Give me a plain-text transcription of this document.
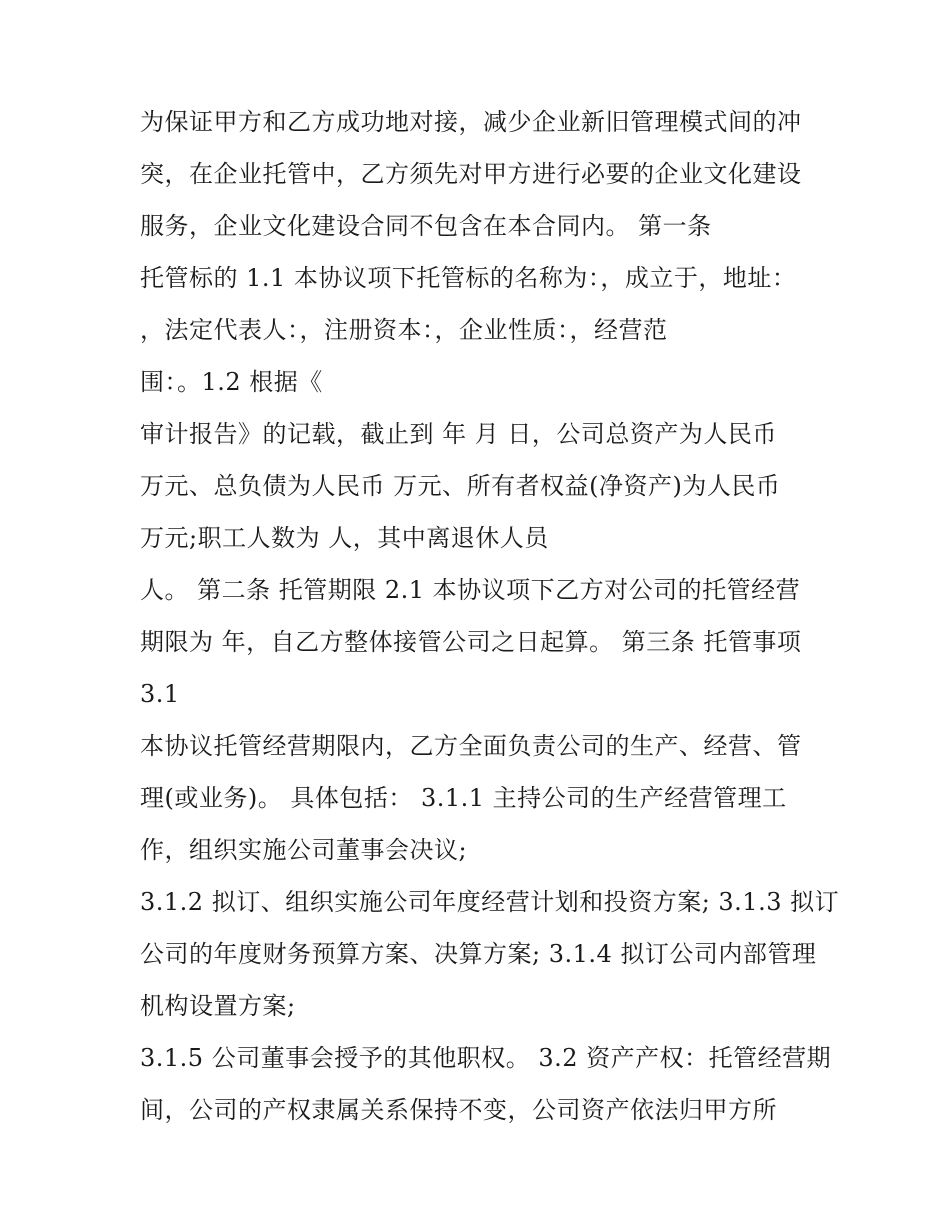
为保证甲方和乙方成功地对接，减少企业新旧管理模式间的冲
突，在企业托管中，乙方须先对甲方进行必要的企业文化建设
服务，企业文化建设合同不包含在本合同内。 第一条
托管标的 1.1 本协议项下托管标的名称为：，成立于，地址：
，法定代表人：，注册资本：，企业性质：，经营范
围：。1.2 根据《
审计报告》的记载，截止到 年 月 日，公司总资产为人民币
万元、总负债为人民币 万元、所有者权益(净资产)为人民币
万元;职工人数为 人，其中离退休人员
人。 第二条 托管期限 2.1 本协议项下乙方对公司的托管经营
期限为 年，自乙方整体接管公司之日起算。 第三条 托管事项
3.1
本协议托管经营期限内，乙方全面负责公司的生产、经营、管
理(或业务)。 具体包括： 3.1.1 主持公司的生产经营管理工
作，组织实施公司董事会决议;
3.1.2 拟订、组织实施公司年度经营计划和投资方案; 3.1.3 拟订
公司的年度财务预算方案、决算方案; 3.1.4 拟订公司内部管理
机构设置方案;
3.1.5 公司董事会授予的其他职权。 3.2 资产产权：托管经营期
间，公司的产权隶属关系保持不变，公司资产依法归甲方所
